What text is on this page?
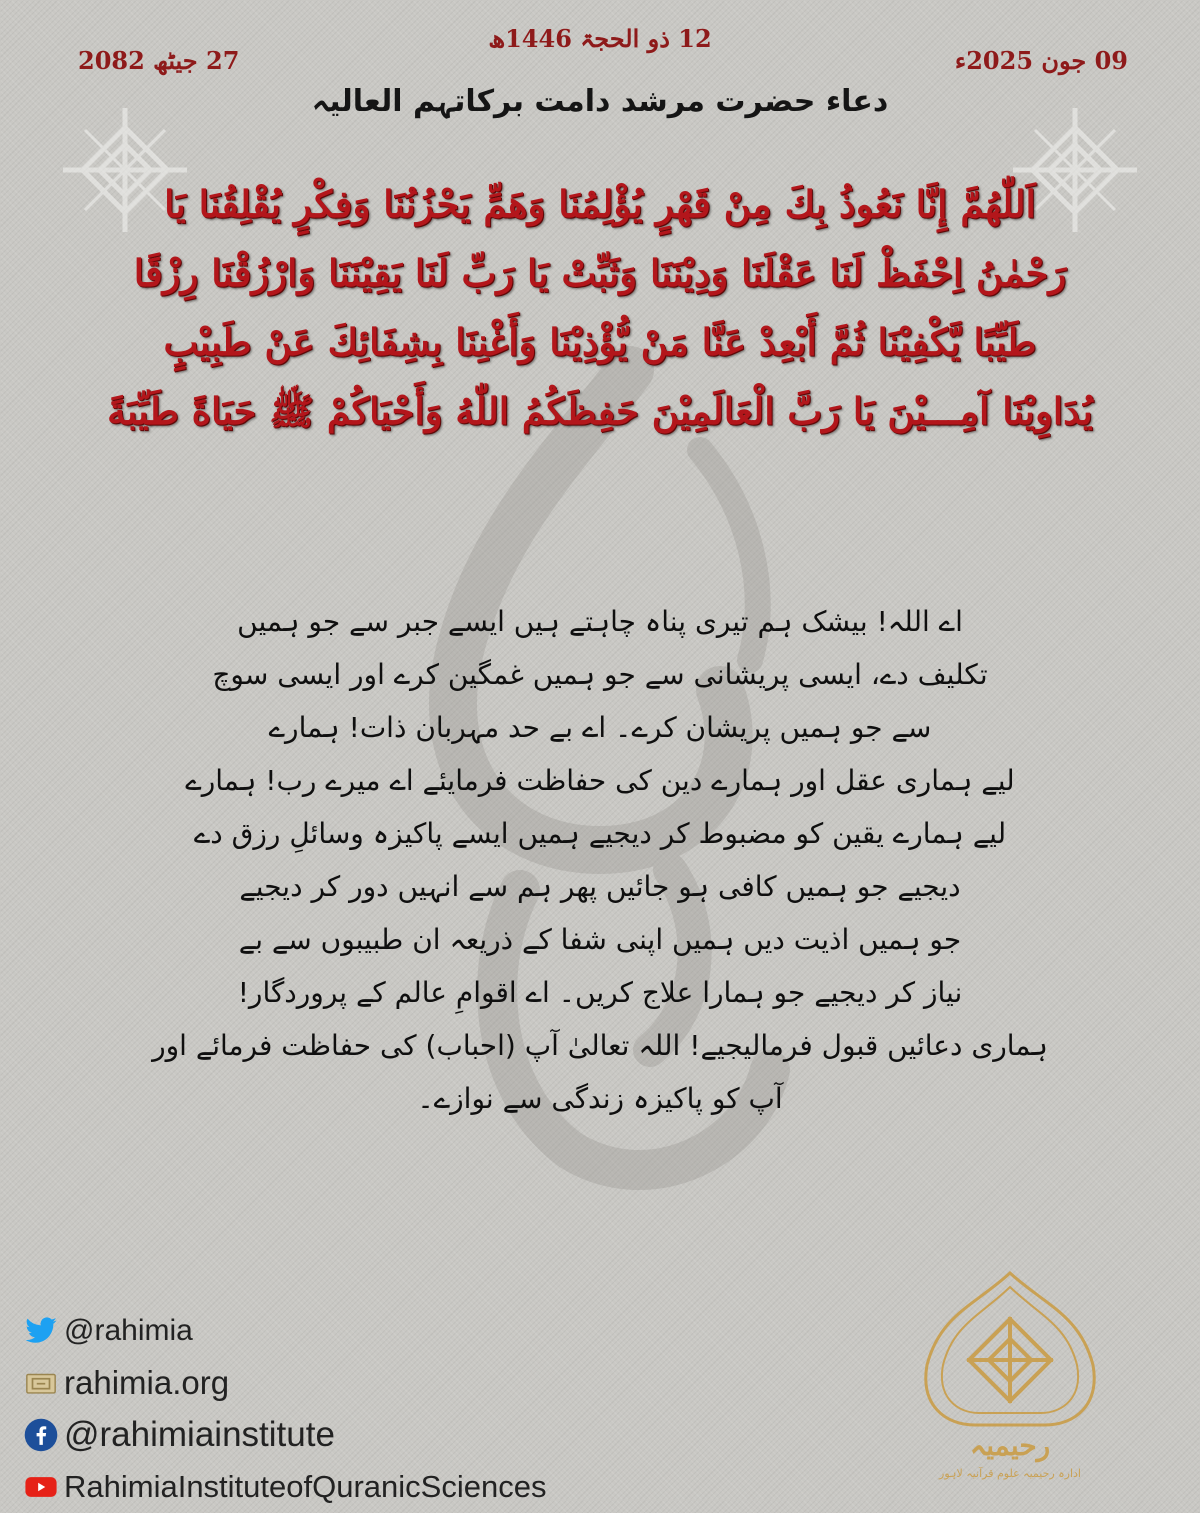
12 ذو الحجۃ 1446ھ
09 جون 2025ء
27 جیٹھ 2082
دعاء حضرت مرشد دامت برکاتہم العالیہ
اَللّٰهُمَّ إِنَّا نَعُوذُ بِكَ مِنْ قَهْرٍ يُؤْلِمُنَا وَهَمٍّ يَحْزُنُنَا وَفِكْرٍ يُقْلِقُنَا يَا
رَحْمٰنُ اِحْفَظْ لَنَا عَقْلَنَا وَدِيْنَنَا وَثَبِّتْ يَا رَبِّ لَنَا يَقِيْنَنَا وَارْزُقْنَا رِزْقًا
طَيِّبًا يَّكْفِيْنَا ثُمَّ أَبْعِدْ عَنَّا مَنْ يُّؤْذِيْنَا وَأَغْنِنَا بِشِفَائِكَ عَنْ طَبِيْبٍ
يُدَاوِيْنَا آمِـــيْنَ يَا رَبَّ الْعَالَمِيْنَ حَفِظَكُمُ اللّٰهُ وَأَحْيَاكُمْ ﷺ حَيَاةً طَيِّبَةً
اے اللہ! بیشک ہم تیری پناہ چاہتے ہیں ایسے جبر سے جو ہمیں
تکلیف دے، ایسی پریشانی سے جو ہمیں غمگین کرے اور ایسی سوچ
سے جو ہمیں پریشان کرے۔ اے بے حد مہربان ذات! ہمارے
لیے ہماری عقل اور ہمارے دین کی حفاظت فرمایئے اے میرے رب! ہمارے
لیے ہمارے یقین کو مضبوط کر دیجیے ہمیں ایسے پاکیزہ وسائلِ رزق دے
دیجیے جو ہمیں کافی ہو جائیں پھر ہم سے انہیں دور کر دیجیے
جو ہمیں اذیت دیں ہمیں اپنی شفا کے ذریعہ ان طبیبوں سے بے
نیاز کر دیجیے جو ہمارا علاج کریں۔ اے اقوامِ عالم کے پروردگار!
ہماری دعائیں قبول فرمالیجیے! اللہ تعالیٰ آپ (احباب) کی حفاظت فرمائے اور
آپ کو پاکیزہ زندگی سے نوازے۔
@rahimia
rahimia.org
@rahimiainstitute
RahimiaInstituteofQuranicSciences
رحیمیہ
ادارہ رحیمیہ علوم قرآنیہ لاہور
